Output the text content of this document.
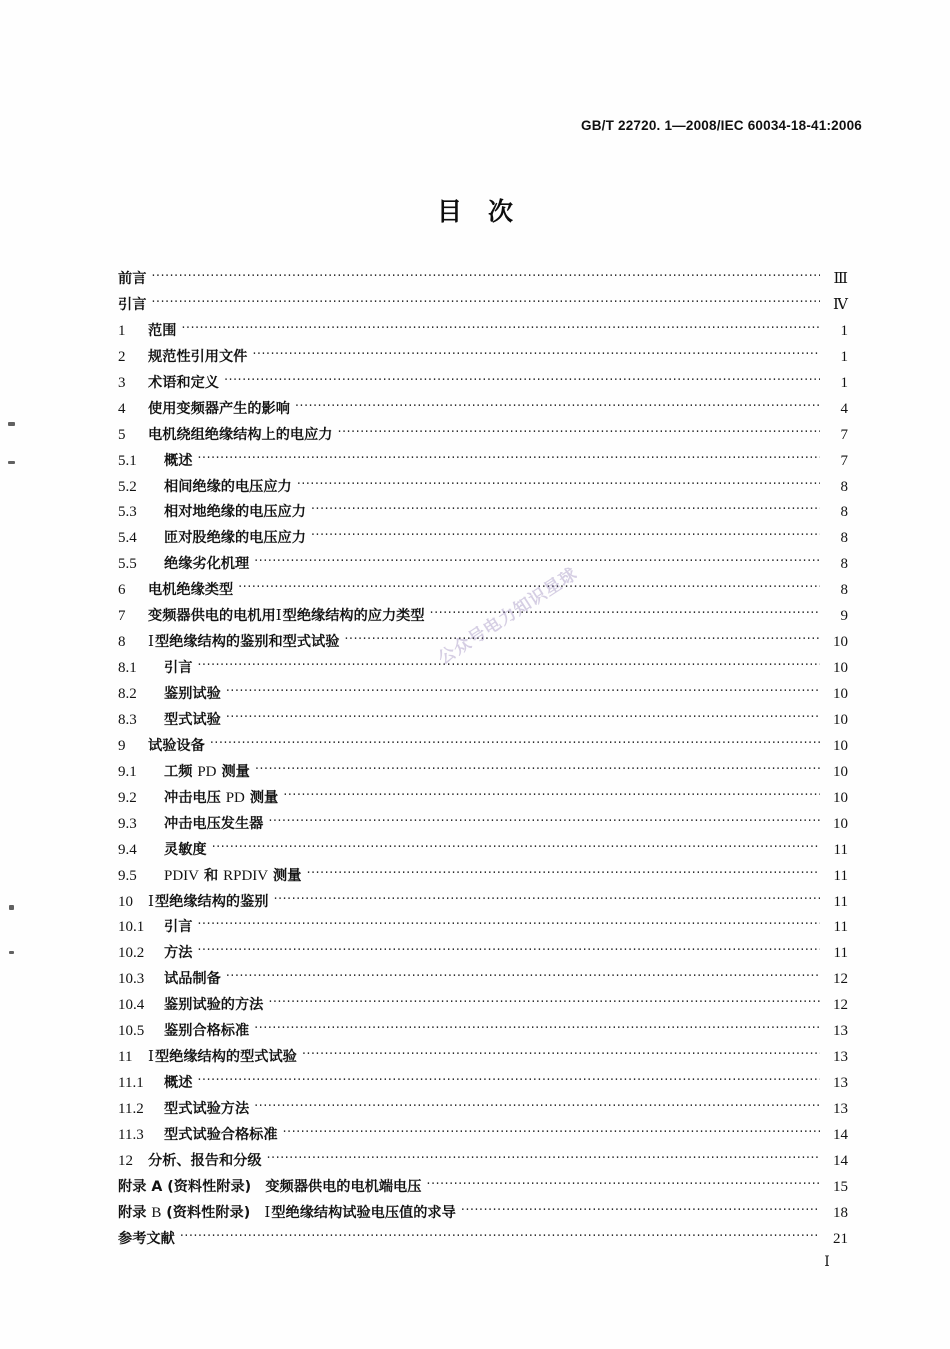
GB/T 22720. 1—2008/IEC 60034-18-41:2006
目 次
前言 ·····	Ⅲ
引言 ·····	Ⅳ
1	范围 ·····	1
2	规范性引用文件 ·····	1
3	术语和定义 ·····	1
4	使用变频器产生的影响 ·····	4
5	电机绕组绝缘结构上的电应力 ·····	7
5.1	概述 ·····	7
5.2	相间绝缘的电压应力 ·····	8
5.3	相对地绝缘的电压应力 ·····	8
5.4	匝对股绝缘的电压应力 ·····	8
5.5	绝缘劣化机理 ·····	8
6	电机绝缘类型 ·····	8
7	变频器供电的电机用Ⅰ型绝缘结构的应力类型 ·····	9
8	Ⅰ型绝缘结构的鉴别和型式试验 ·····	10
8.1	引言 ·····	10
8.2	鉴别试验 ·····	10
8.3	型式试验 ·····	10
9	试验设备 ·····	10
9.1	工频 PD 测量 ·····	10
9.2	冲击电压 PD 测量 ·····	10
9.3	冲击电压发生器 ·····	10
9.4	灵敏度 ·····	11
9.5	PDIV 和 RPDIV 测量 ·····	11
10	Ⅰ型绝缘结构的鉴别 ·····	11
10.1	引言 ·····	11
10.2	方法 ·····	11
10.3	试品制备 ·····	12
10.4	鉴别试验的方法 ·····	12
10.5	鉴别合格标准 ·····	13
11	Ⅰ型绝缘结构的型式试验 ·····	13
11.1	概述 ·····	13
11.2	型式试验方法 ·····	13
11.3	型式试验合格标准 ·····	14
12	分析、报告和分级 ·····	14
附录 A (资料性附录)　变频器供电的电机端电压 ·····	15
附录 B (资料性附录)　Ⅰ型绝缘结构试验电压值的求导 ·····	18
参考文献 ·····	21
公众号电力知识星球
Ⅰ
